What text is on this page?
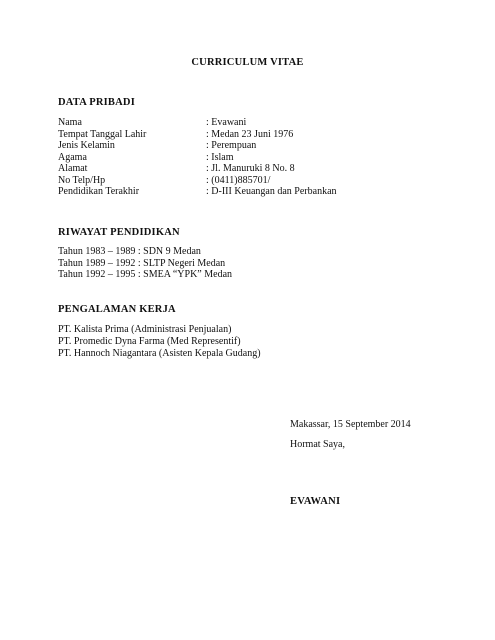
CURRICULUM VITAE
DATA PRIBADI
Nama	: Evawani
Tempat Tanggal Lahir	: Medan 23 Juni 1976
Jenis Kelamin	: Perempuan
Agama	: Islam
Alamat	: Jl. Manuruki 8 No. 8
No Telp/Hp	: (0411)885701/
Pendidikan Terakhir	: D-III Keuangan dan Perbankan
RIWAYAT PENDIDIKAN
Tahun 1983 – 1989 : SDN 9 Medan
Tahun 1989 – 1992 : SLTP Negeri Medan
Tahun 1992 – 1995 : SMEA “YPK” Medan
PENGALAMAN KERJA
PT. Kalista Prima (Administrasi Penjualan)
PT. Promedic Dyna Farma (Med Representif)
PT. Hannoch Niagantara (Asisten Kepala Gudang)
Makassar, 15 September 2014
Hormat Saya,
EVAWANI
